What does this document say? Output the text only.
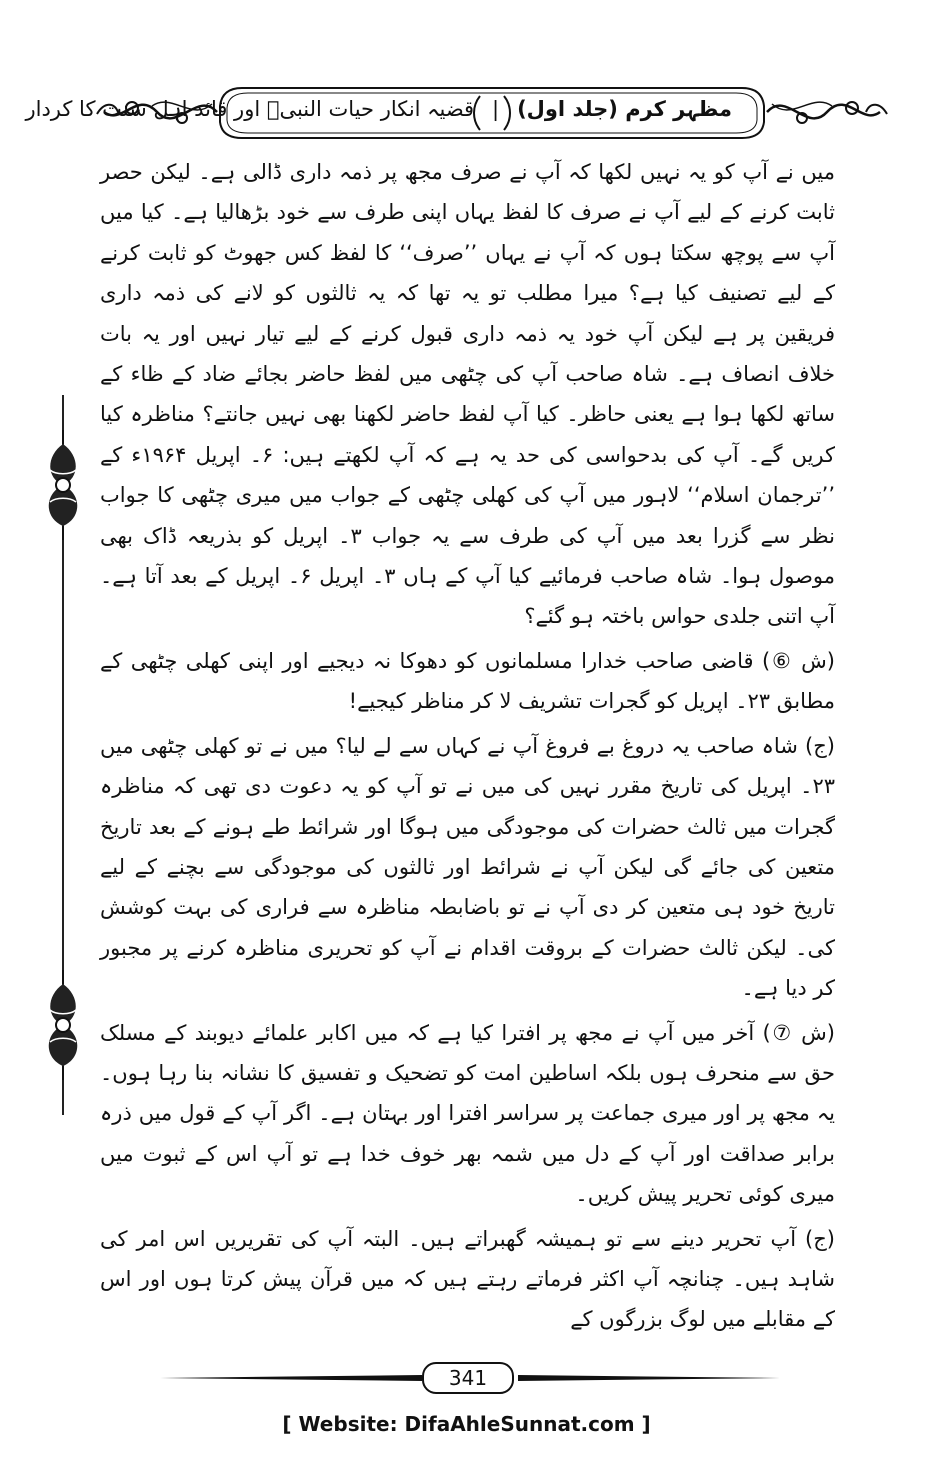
مظہر کرم (جلد اول) ❘ قضیہ انکار حیات النبیؐ اور قائد اہل سنت کا کردار

میں نے آپ کو یہ نہیں لکھا کہ آپ نے صرف مجھ پر ذمہ داری ڈالی ہے۔ لیکن حصر ثابت کرنے کے لیے آپ نے صرف کا لفظ یہاں اپنی طرف سے خود بڑھالیا ہے۔ کیا میں آپ سے پوچھ سکتا ہوں کہ آپ نے یہاں ’’صرف‘‘ کا لفظ کس جھوٹ کو ثابت کرنے کے لیے تصنیف کیا ہے؟ میرا مطلب تو یہ تھا کہ یہ ثالثوں کو لانے کی ذمہ داری فریقین پر ہے لیکن آپ خود یہ ذمہ داری قبول کرنے کے لیے تیار نہیں اور یہ بات خلاف انصاف ہے۔ شاہ صاحب آپ کی چٹھی میں لفظ حاضر بجائے ضاد کے ظاء کے ساتھ لکھا ہوا ہے یعنی حاظر۔ کیا آپ لفظ حاضر لکھنا بھی نہیں جانتے؟ مناظرہ کیا کریں گے۔ آپ کی بدحواسی کی حد یہ ہے کہ آپ لکھتے ہیں: ۶۔ اپریل ۱۹۶۴ء کے ’’ترجمان اسلام‘‘ لاہور میں آپ کی کھلی چٹھی کے جواب میں میری چٹھی کا جواب نظر سے گزرا بعد میں آپ کی طرف سے یہ جواب ۳۔ اپریل کو بذریعہ ڈاک بھی موصول ہوا۔ شاہ صاحب فرمائیے کیا آپ کے ہاں ۳۔ اپریل ۶۔ اپریل کے بعد آتا ہے۔ آپ اتنی جلدی حواس باختہ ہو گئے؟

(ش ⑥) قاضی صاحب خدارا مسلمانوں کو دھوکا نہ دیجیے اور اپنی کھلی چٹھی کے مطابق ۲۳۔ اپریل کو گجرات تشریف لا کر مناظر کیجیے!

(ج) شاہ صاحب یہ دروغ بے فروغ آپ نے کہاں سے لے لیا؟ میں نے تو کھلی چٹھی میں ۲۳۔ اپریل کی تاریخ مقرر نہیں کی میں نے تو آپ کو یہ دعوت دی تھی کہ مناظرہ گجرات میں ثالث حضرات کی موجودگی میں ہوگا اور شرائط طے ہونے کے بعد تاریخ متعین کی جائے گی لیکن آپ نے شرائط اور ثالثوں کی موجودگی سے بچنے کے لیے تاریخ خود ہی متعین کر دی آپ نے تو باضابطہ مناظرہ سے فراری کی بہت کوشش کی۔ لیکن ثالث حضرات کے بروقت اقدام نے آپ کو تحریری مناظرہ کرنے پر مجبور کر دیا ہے۔

(ش ⑦) آخر میں آپ نے مجھ پر افترا کیا ہے کہ میں اکابر علمائے دیوبند کے مسلک حق سے منحرف ہوں بلکہ اساطین امت کو تضحیک و تفسیق کا نشانہ بنا رہا ہوں۔ یہ مجھ پر اور میری جماعت پر سراسر افترا اور بہتان ہے۔ اگر آپ کے قول میں ذرہ برابر صداقت اور آپ کے دل میں شمہ بھر خوف خدا ہے تو آپ اس کے ثبوت میں میری کوئی تحریر پیش کریں۔

(ج) آپ تحریر دینے سے تو ہمیشہ گھبراتے ہیں۔ البتہ آپ کی تقریریں اس امر کی شاہد ہیں۔ چنانچہ آپ اکثر فرماتے رہتے ہیں کہ میں قرآن پیش کرتا ہوں اور اس کے مقابلے میں لوگ بزرگوں کے

341
[ Website: DifaAhleSunnat.com ]
